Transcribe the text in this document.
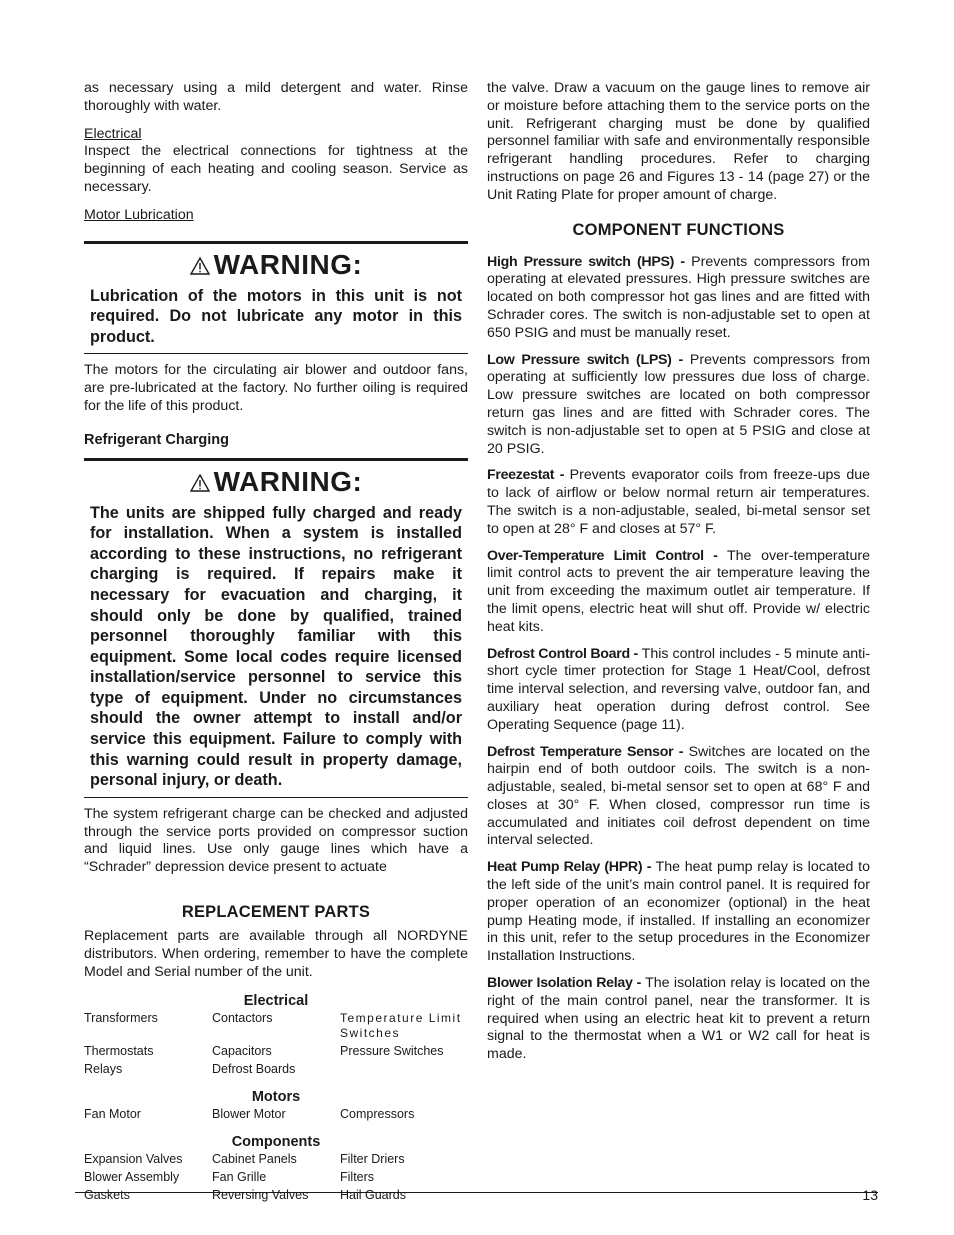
as necessary using a mild detergent and water. Rinse thoroughly with water.

Electrical

Inspect the electrical connections for tightness at the beginning of each heating and cooling season. Service as necessary.

Motor Lubrication

WARNING:
Lubrication of the motors in this unit is not required. Do not lubricate any motor in this product.

The motors for the circulating air blower and outdoor fans, are pre-lubricated at the factory. No further oiling is required for the life of this product.

Refrigerant Charging

WARNING:
The units are shipped fully charged and ready for installation. When a system is installed according to these instructions, no refrigerant charging is required. If repairs make it necessary for evacuation and charging, it should only be done by qualified, trained personnel thoroughly familiar with this equipment. Some local codes require licensed installation/service personnel to service this type of equipment. Under no circumstances should the owner attempt to install and/or service this equipment. Failure to comply with this warning could result in property damage, personal injury, or death.

The system refrigerant charge can be checked and adjusted through the service ports provided on compressor suction and liquid lines. Use only gauge lines which have a “Schrader” depression device present to actuate

REPLACEMENT PARTS

Replacement parts are available through all NORDYNE distributors. When ordering, remember to have the complete Model and Serial number of the unit.

Electrical
Transformers	Contactors	Temperature Limit Switches
Thermostats	Capacitors	Pressure Switches
Relays	Defrost Boards
Motors
Fan Motor	Blower Motor	Compressors
Components
Expansion Valves	Cabinet Panels	Filter Driers
Blower Assembly	Fan Grille	Filters
Gaskets	Reversing Valves	Hail Guards

the valve. Draw a vacuum on the gauge lines to remove air or moisture before attaching them to the service ports on the unit. Refrigerant charging must be done by qualified personnel familiar with safe and environmentally responsible refrigerant handling procedures. Refer to charging instructions on page 26 and Figures 13 - 14 (page 27) or the Unit Rating Plate for proper amount of charge.

COMPONENT FUNCTIONS

High Pressure switch (HPS) - Prevents compressors from operating at elevated pressures. High pressure switches are located on both compressor hot gas lines and are fitted with Schrader cores. The switch is non-adjustable set to open at 650 PSIG and must be manually reset.

Low Pressure switch (LPS) - Prevents compressors from operating at sufficiently low pressures due loss of charge. Low pressure switches are located on both compressor return gas lines and are fitted with Schrader cores. The switch is non-adjustable set to open at 5 PSIG and close at 20 PSIG.

Freezestat - Prevents evaporator coils from freeze-ups due to lack of airflow or below normal return air temperatures. The switch is a non-adjustable, sealed, bi-metal sensor set to open at 28° F and closes at 57° F.

Over-Temperature Limit Control - The over-temperature limit control acts to prevent the air temperature leaving the unit from exceeding the maximum outlet air temperature. If the limit opens, electric heat will shut off. Provide w/ electric heat kits.

Defrost Control Board - This control includes - 5 minute anti-short cycle timer protection for Stage 1 Heat/Cool, defrost time interval selection, and reversing valve, outdoor fan, and auxiliary heat operation during defrost control. See Operating Sequence (page 11).

Defrost Temperature Sensor - Switches are located on the hairpin end of both outdoor coils. The switch is a non-adjustable, sealed, bi-metal sensor set to open at 68° F and closes at 30° F. When closed, compressor run time is accumulated and initiates coil defrost dependent on time interval selected.

Heat Pump Relay (HPR) - The heat pump relay is located to the left side of the unit’s main control panel. It is required for proper operation of an economizer (optional) in the heat pump Heating mode, if installed. If installing an economizer in this unit, refer to the setup procedures in the Economizer Installation Instructions.

Blower Isolation Relay - The isolation relay is located on the right of the main control panel, near the transformer. It is required when using an electric heat kit to prevent a return signal to the thermostat when a W1 or W2 call for heat is made.

13
